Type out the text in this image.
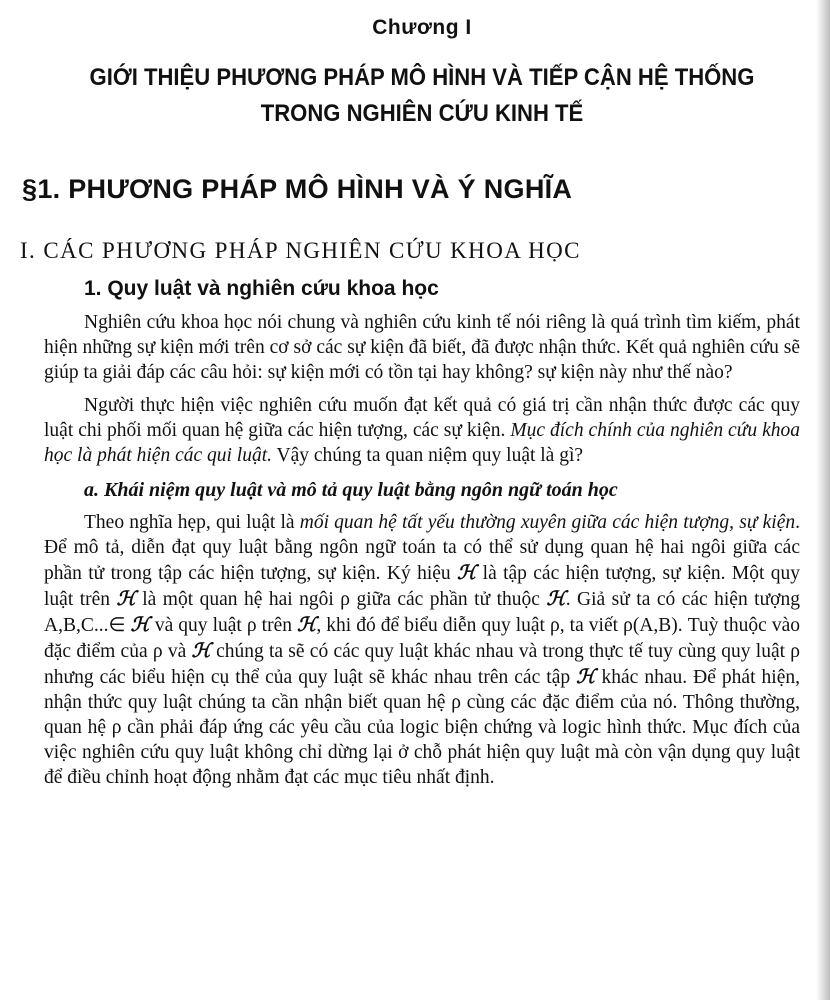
Chương I
GIỚI THIỆU PHƯƠNG PHÁP MÔ HÌNH VÀ TIẾP CẬN HỆ THỐNG
TRONG NGHIÊN CỨU KINH TẾ
§1. PHƯƠNG PHÁP MÔ HÌNH VÀ Ý NGHĨA
I. CÁC PHƯƠNG PHÁP NGHIÊN CỨU KHOA HỌC
1. Quy luật và nghiên cứu khoa học

Nghiên cứu khoa học nói chung và nghiên cứu kinh tế nói riêng là quá trình tìm kiếm, phát hiện những sự kiện mới trên cơ sở các sự kiện đã biết, đã được nhận thức. Kết quả nghiên cứu sẽ giúp ta giải đáp các câu hỏi: sự kiện mới có tồn tại hay không? sự kiện này như thế nào?

Người thực hiện việc nghiên cứu muốn đạt kết quả có giá trị cần nhận thức được các quy luật chi phối mối quan hệ giữa các hiện tượng, các sự kiện. Mục đích chính của nghiên cứu khoa học là phát hiện các qui luật. Vậy chúng ta quan niệm quy luật là gì?

a. Khái niệm quy luật và mô tả quy luật bằng ngôn ngữ toán học

Theo nghĩa hẹp, qui luật là mối quan hệ tất yếu thường xuyên giữa các hiện tượng, sự kiện. Để mô tả, diễn đạt quy luật bằng ngôn ngữ toán ta có thể sử dụng quan hệ hai ngôi giữa các phần tử trong tập các hiện tượng, sự kiện. Ký hiệu ℋ là tập các hiện tượng, sự kiện. Một quy luật trên ℋ là một quan hệ hai ngôi ρ giữa các phần tử thuộc ℋ. Giả sử ta có các hiện tượng A,B,C...∈ ℋ và quy luật ρ trên ℋ, khi đó để biểu diễn quy luật ρ, ta viết ρ(A,B). Tuỳ thuộc vào đặc điểm của ρ và ℋ chúng ta sẽ có các quy luật khác nhau và trong thực tế tuy cùng quy luật ρ nhưng các biểu hiện cụ thể của quy luật sẽ khác nhau trên các tập ℋ khác nhau. Để phát hiện, nhận thức quy luật chúng ta cần nhận biết quan hệ ρ cùng các đặc điểm của nó. Thông thường, quan hệ ρ cần phải đáp ứng các yêu cầu của logic biện chứng và logic hình thức. Mục đích của việc nghiên cứu quy luật không chỉ dừng lại ở chỗ phát hiện quy luật mà còn vận dụng quy luật để điều chỉnh hoạt động nhằm đạt các mục tiêu nhất định.
